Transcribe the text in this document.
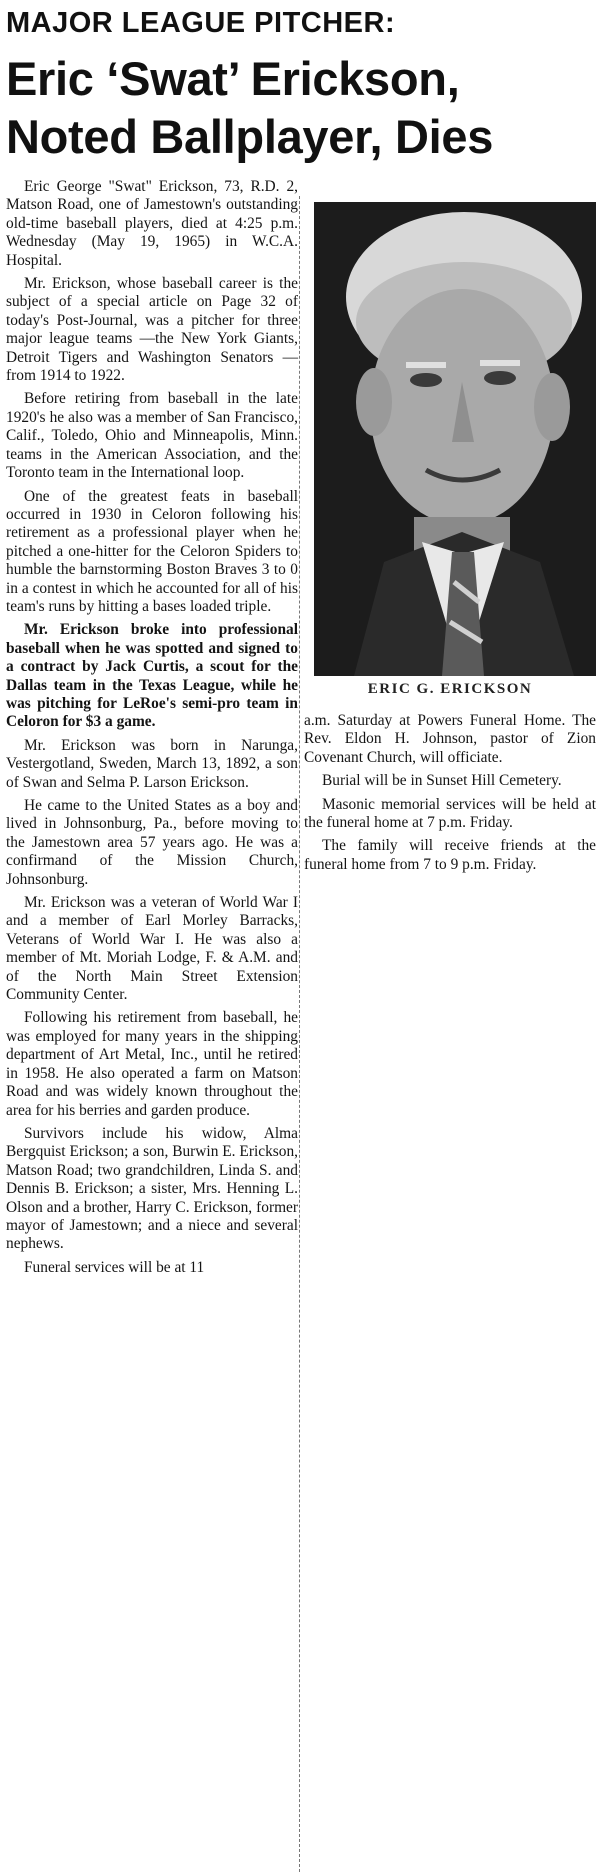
MAJOR LEAGUE PITCHER:
Eric ‘Swat’ Erickson,
Noted Ballplayer, Dies

Eric George "Swat" Erickson, 73, R.D. 2, Matson Road, one of Jamestown's outstanding old-time baseball players, died at 4:25 p.m. Wednesday (May 19, 1965) in W.C.A. Hospital.

Mr. Erickson, whose baseball career is the subject of a special article on Page 32 of today's Post-Journal, was a pitcher for three major league teams —the New York Giants, Detroit Tigers and Washington Senators —from 1914 to 1922.

Before retiring from baseball in the late 1920's he also was a member of San Francisco, Calif., Toledo, Ohio and Minneapolis, Minn. teams in the American Association, and the Toronto team in the International loop.

One of the greatest feats in baseball occurred in 1930 in Celoron following his retirement as a professional player when he pitched a one-hitter for the Celoron Spiders to humble the barnstorming Boston Braves 3 to 0 in a contest in which he accounted for all of his team's runs by hitting a bases loaded triple.

Mr. Erickson broke into professional baseball when he was spotted and signed to a contract by Jack Curtis, a scout for the Dallas team in the Texas League, while he was pitching for LeRoe's semi-pro team in Celoron for $3 a game.

Mr. Erickson was born in Narunga, Vestergotland, Sweden, March 13, 1892, a son of Swan and Selma P. Larson Erickson.

He came to the United States as a boy and lived in Johnsonburg, Pa., before moving to the Jamestown area 57 years ago. He was a confirmand of the Mission Church, Johnsonburg.

Mr. Erickson was a veteran of World War I and a member of Earl Morley Barracks, Veterans of World War I. He was also a member of Mt. Moriah Lodge, F. & A.M. and of the North Main Street Extension Community Center.

Following his retirement from baseball, he was employed for many years in the shipping department of Art Metal, Inc., until he retired in 1958. He also operated a farm on Matson Road and was widely known throughout the area for his berries and garden produce.

Survivors include his widow, Alma Bergquist Erickson; a son, Burwin E. Erickson, Matson Road; two grandchildren, Linda S. and Dennis B. Erickson; a sister, Mrs. Henning L. Olson and a brother, Harry C. Erickson, former mayor of Jamestown; and a niece and several nephews.

Funeral services will be at 11

ERIC G. ERICKSON

a.m. Saturday at Powers Funeral Home. The Rev. Eldon H. Johnson, pastor of Zion Covenant Church, will officiate.

Burial will be in Sunset Hill Cemetery.

Masonic memorial services will be held at the funeral home at 7 p.m. Friday.

The family will receive friends at the funeral home from 7 to 9 p.m. Friday.
